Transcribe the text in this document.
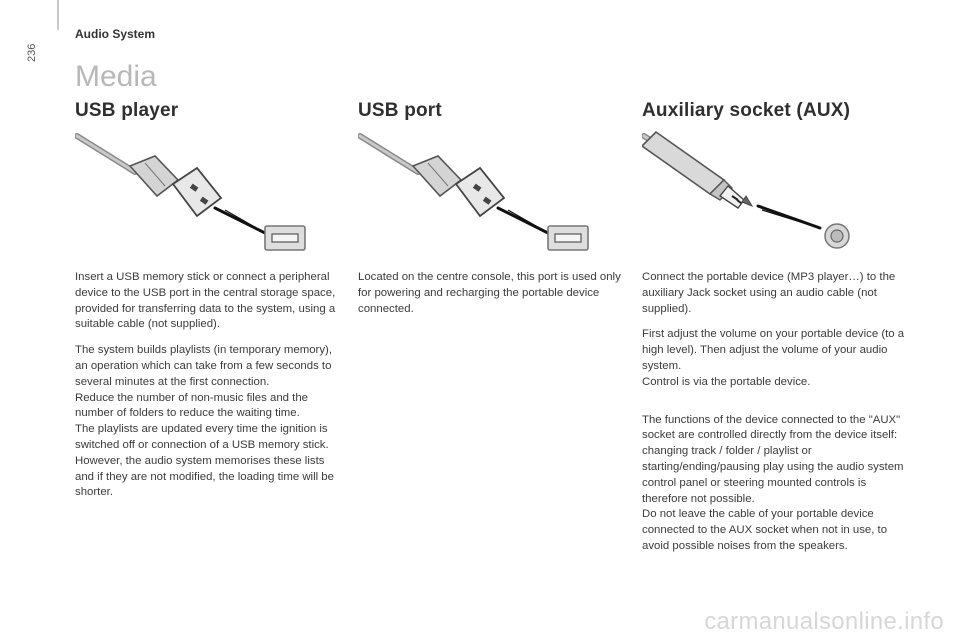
236
Audio System
Media
USB player

Insert a USB memory stick or connect a peripheral device to the USB port in the central storage space, provided for transferring data to the system, using a suitable cable (not supplied).

The system builds playlists (in temporary memory), an operation which can take from a few seconds to several minutes at the first connection.

Reduce the number of non-music files and the number of folders to reduce the waiting time.

The playlists are updated every time the ignition is switched off or connection of a USB memory stick. However, the audio system memorises these lists and if they are not modified, the loading time will be shorter.

USB port

Located on the centre console, this port is used only for powering and recharging the portable device connected.

Auxiliary socket (AUX)

Connect the portable device (MP3 player…) to the auxiliary Jack socket using an audio cable (not supplied).

First adjust the volume on your portable device (to a high level). Then adjust the volume of your audio system.

Control is via the portable device.

The functions of the device connected to the "AUX" socket are controlled directly from the device itself: changing track / folder / playlist or starting/ending/pausing play using the audio system control panel or steering mounted controls is therefore not possible.

Do not leave the cable of your portable device connected to the AUX socket when not in use, to avoid possible noises from the speakers.

carmanualsonline.info
